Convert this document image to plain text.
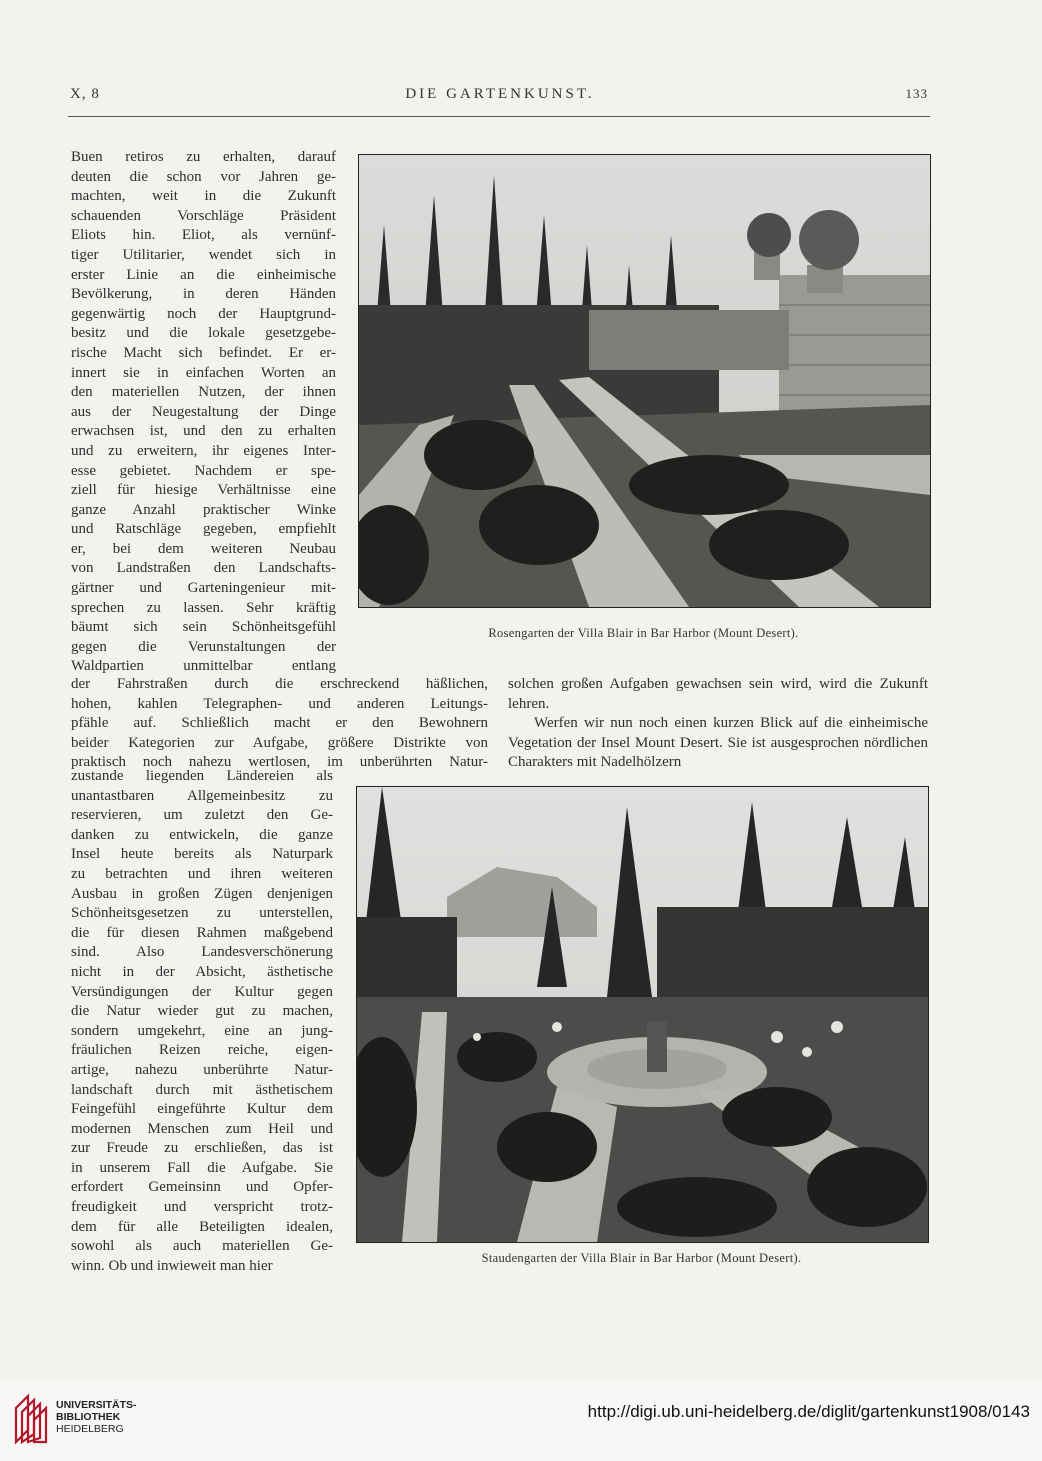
X, 8	DIE GARTENKUNST.	133
Buen retiros zu erhalten, darauf
deuten die schon vor Jahren ge-
machten, weit in die Zukunft
schauenden Vorschläge Präsident
Eliots hin. Eliot, als vernünf-
tiger Utilitarier, wendet sich in
erster Linie an die einheimische
Bevölkerung, in deren Händen
gegenwärtig noch der Hauptgrund-
besitz und die lokale gesetzgebe-
rische Macht sich befindet. Er er-
innert sie in einfachen Worten an
den materiellen Nutzen, der ihnen
aus der Neugestaltung der Dinge
erwachsen ist, und den zu erhalten
und zu erweitern, ihr eigenes Inter-
esse gebietet. Nachdem er spe-
ziell für hiesige Verhältnisse eine
ganze Anzahl praktischer Winke
und Ratschläge gegeben, empfiehlt
er, bei dem weiteren Neubau
von Landstraßen den Landschafts-
gärtner und Garteningenieur mit-
sprechen zu lassen. Sehr kräftig
bäumt sich sein Schönheitsgefühl
gegen die Verunstaltungen der
Waldpartien unmittelbar entlang
der Fahrstraßen durch die erschreckend häßlichen,
hohen, kahlen Telegraphen- und anderen Leitungs-
pfähle auf. Schließlich macht er den Bewohnern
beider Kategorien zur Aufgabe, größere Distrikte von
praktisch noch nahezu wertlosen, im unberührten Natur-

solchen großen Aufgaben gewachsen sein wird, wird die Zukunft lehren.

Werfen wir nun noch einen kurzen Blick auf die einheimische Vegetation der Insel Mount Desert. Sie ist ausgesprochen nördlichen Charakters mit Nadelhölzern

zustande liegenden Ländereien als
unantastbaren Allgemeinbesitz zu
reservieren, um zuletzt den Ge-
danken zu entwickeln, die ganze
Insel heute bereits als Naturpark
zu betrachten und ihren weiteren
Ausbau in großen Zügen denjenigen
Schönheitsgesetzen zu unterstellen,
die für diesen Rahmen maßgebend
sind. Also Landesverschönerung
nicht in der Absicht, ästhetische
Versündigungen der Kultur gegen
die Natur wieder gut zu machen,
sondern umgekehrt, eine an jung-
fräulichen Reizen reiche, eigen-
artige, nahezu unberührte Natur-
landschaft durch mit ästhetischem
Feingefühl eingeführte Kultur dem
modernen Menschen zum Heil und
zur Freude zu erschließen, das ist
in unserem Fall die Aufgabe. Sie
erfordert Gemeinsinn und Opfer-
freudigkeit und verspricht trotz-
dem für alle Beteiligten idealen,
sowohl als auch materiellen Ge-
winn. Ob und inwieweit man hier
Rosengarten der Villa Blair in Bar Harbor (Mount Desert).
Staudengarten der Villa Blair in Bar Harbor (Mount Desert).
UNIVERSITÄTS-
BIBLIOTHEK
HEIDELBERG
http://digi.ub.uni-heidelberg.de/diglit/gartenkunst1908/0143
